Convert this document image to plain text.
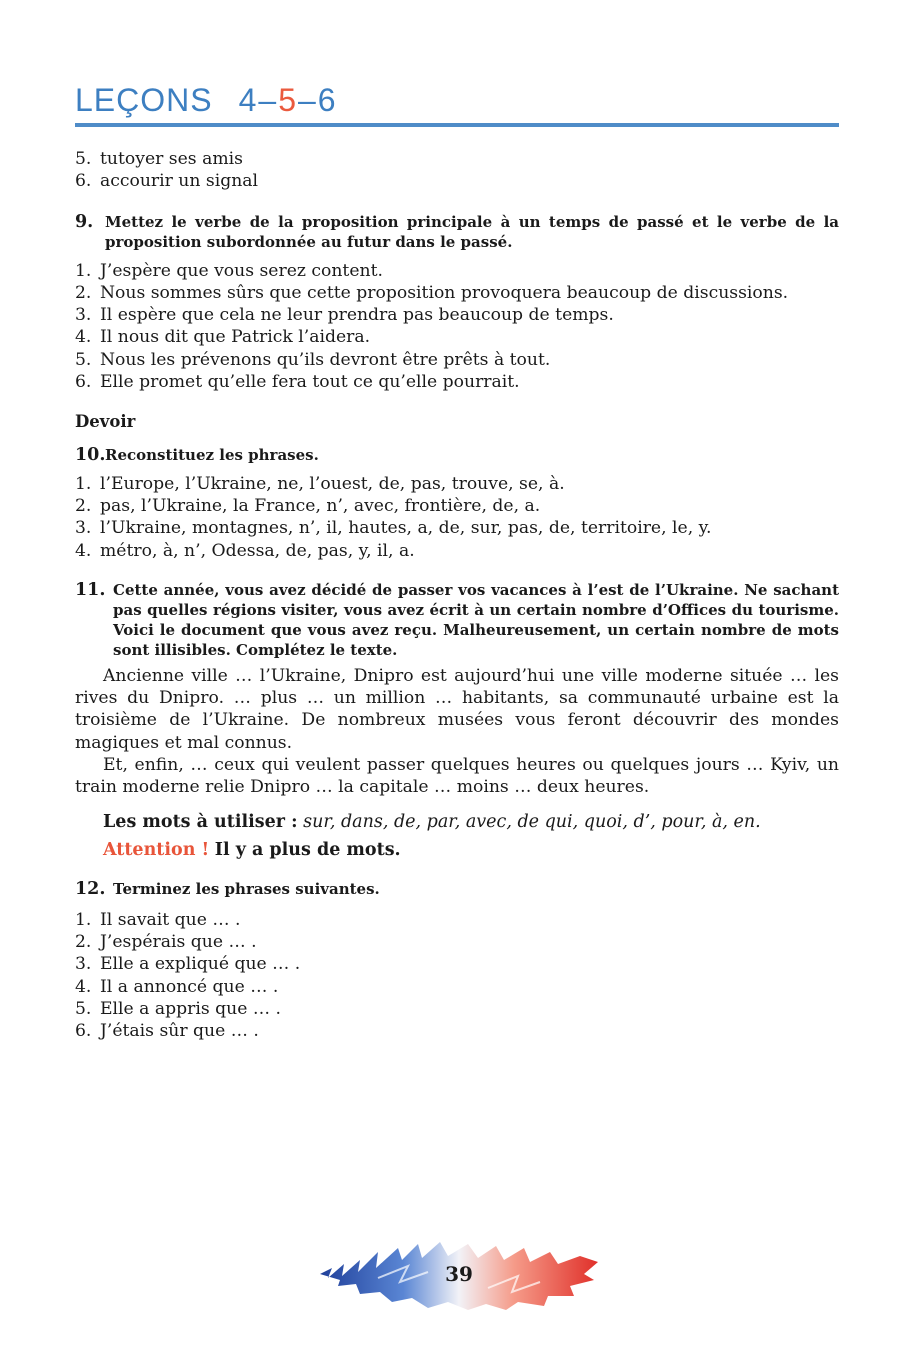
LEÇONS 4–5–6
5. tutoyer ses amis
6. accourir un signal
9. Mettez le verbe de la proposition principale à un temps de passé et le verbe de la proposition subordonnée au futur dans le passé.
1. J’espère que vous serez content.
2. Nous sommes sûrs que cette proposition provoquera beaucoup de discussions.
3. Il espère que cela ne leur prendra pas beaucoup de temps.
4. Il nous dit que Patrick l’aidera.
5. Nous les prévenons qu’ils devront être prêts à tout.
6. Elle promet qu’elle fera tout ce qu’elle pourrait.
Devoir
10. Reconstituez les phrases.
1. l’Europe, l’Ukraine, ne, l’ouest, de, pas, trouve, se, à.
2. pas, l’Ukraine, la France, n’, avec, frontière, de, a.
3. l’Ukraine, montagnes, n’, il, hautes, a, de, sur, pas, de, territoire, le, y.
4. métro, à, n’, Odessa, de, pas, y, il, a.
11. Cette année, vous avez décidé de passer vos vacances à l’est de l’Ukraine. Ne sachant pas quelles régions visiter, vous avez écrit à un certain nombre d’Offices du tourisme. Voici le document que vous avez reçu. Malheureusement, un certain nombre de mots sont illisibles. Complétez le texte.

Ancienne ville … l’Ukraine, Dnipro est aujourd’hui une ville moderne située … les rives du Dnipro. … plus … un million … habitants, sa communauté urbaine est la troisième de l’Ukraine. De nombreux musées vous feront découvrir des mondes magiques et mal connus.

Et, enfin, … ceux qui veulent passer quelques heures ou quelques jours … Kyiv, un train moderne relie Dnipro … la capitale … moins … deux heures.

Les mots à utiliser : sur, dans, de, par, avec, de qui, quoi, d’, pour, à, en.
Attention ! Il y a plus de mots.
12. Terminez les phrases suivantes.
1. Il savait que … .
2. J’espérais que … .
3. Elle a expliqué que … .
4. Il a annoncé que … .
5. Elle a appris que … .
6. J’étais sûr que … .
39
